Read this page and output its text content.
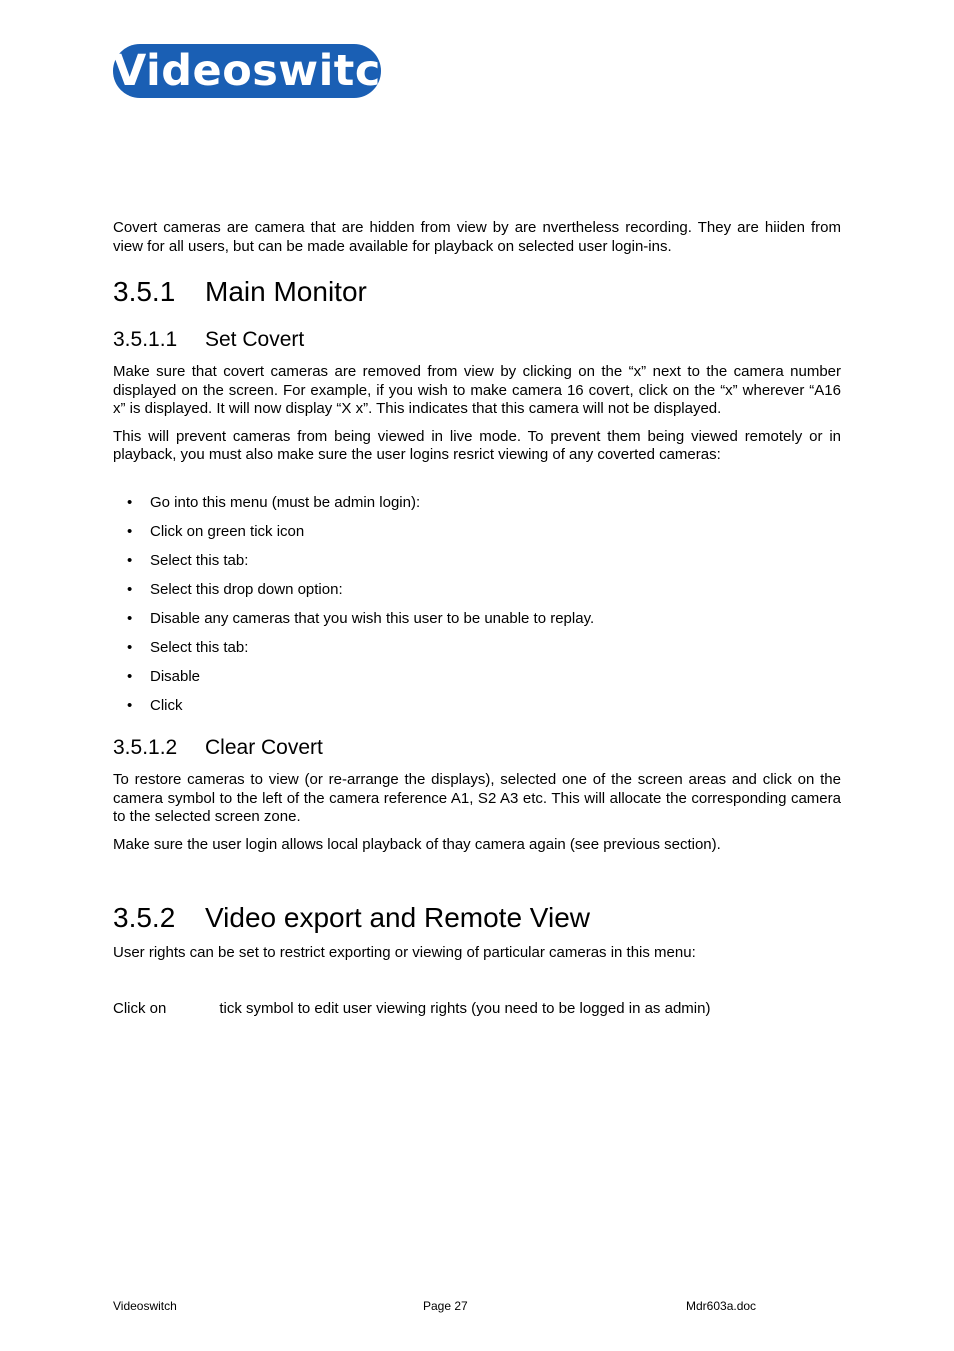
Videoswitch

Covert cameras are camera that are hidden from view by are nvertheless recording. They are hiiden from view for all users, but can be made available for playback on selected user login-ins.

3.5.1 Main Monitor
3.5.1.1 Set Covert

Make sure that covert cameras are removed from view by clicking on the “x” next to the camera number displayed on the screen. For example, if you wish to make camera 16 covert, click on the “x” wherever “A16 x” is displayed. It will now display “X x”. This indicates that this camera will not be displayed.

This will prevent cameras from being viewed in live mode. To prevent them being viewed remotely or in playback, you must also make sure the user logins resrict viewing of any coverted cameras:

• Go into this menu (must be admin login):
• Click on green tick icon
• Select this tab:
• Select this drop down option:
• Disable any cameras that you wish this user to be unable to replay.
• Select this tab:
• Disable
• Click
3.5.1.2 Clear Covert

To restore cameras to view (or re-arrange the displays), selected one of the screen areas and click on the camera symbol to the left of the camera reference A1, S2 A3 etc. This will allocate the corresponding camera to the selected screen zone.

Make sure the user login allows local playback of thay camera again (see previous section).

3.5.2 Video export and Remote View

User rights can be set to restrict exporting or viewing of particular cameras in this menu:

Click on	tick symbol to edit user viewing rights (you need to be logged in as admin)

Videoswitch	Page 27	Mdr603a.doc
